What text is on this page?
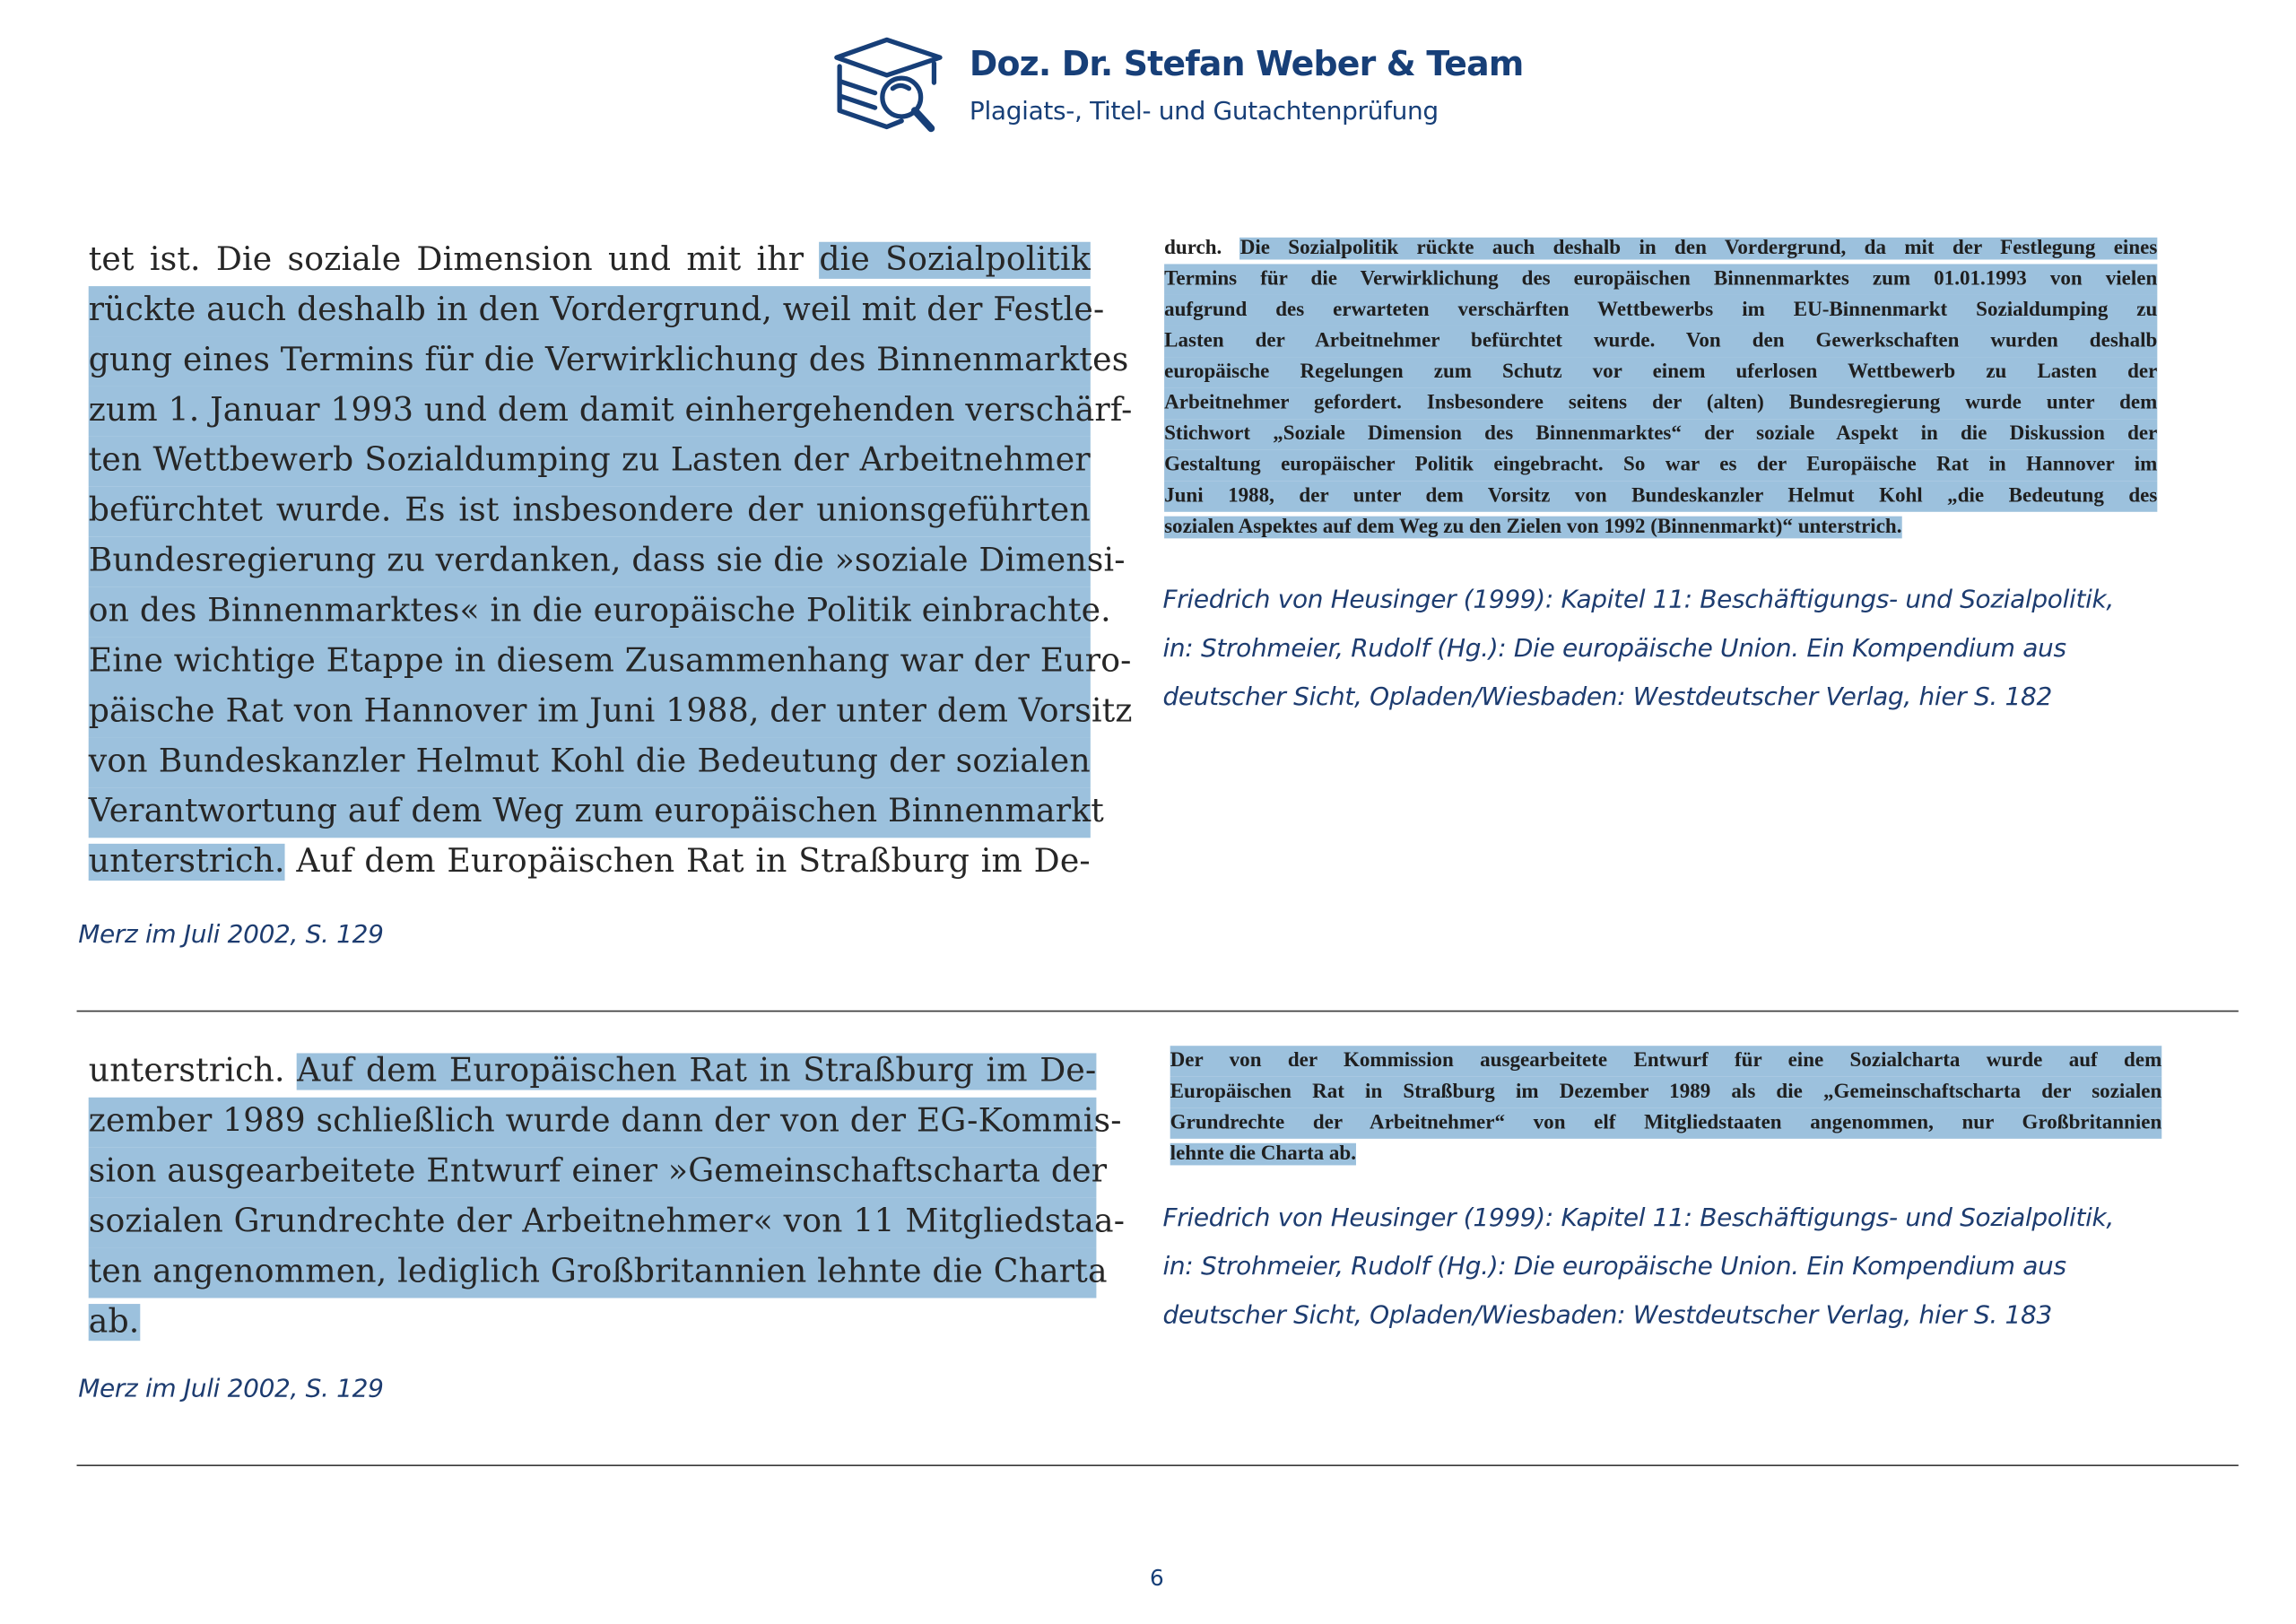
Doz. Dr. Stefan Weber & Team
Plagiats-, Titel- und Gutachtenprüfung
tet ist. Die soziale Dimension und mit ihr die Sozialpolitik
rückte auch deshalb in den Vordergrund, weil mit der Festle-
gung eines Termins für die Verwirklichung des Binnenmarktes
zum 1. Januar 1993 und dem damit einhergehenden verschärf-
ten Wettbewerb Sozialdumping zu Lasten der Arbeitnehmer
befürchtet wurde. Es ist insbesondere der unionsgeführten
Bundesregierung zu verdanken, dass sie die »soziale Dimensi-
on des Binnenmarktes« in die europäische Politik einbrachte.
Eine wichtige Etappe in diesem Zusammenhang war der Euro-
päische Rat von Hannover im Juni 1988, der unter dem Vorsitz
von Bundeskanzler Helmut Kohl die Bedeutung der sozialen
Verantwortung auf dem Weg zum europäischen Binnenmarkt
unterstrich. Auf dem Europäischen Rat in Straßburg im De-
Merz im Juli 2002, S. 129
durch. Die Sozialpolitik rückte auch deshalb in den Vordergrund, da mit der Festlegung eines
Termins für die Verwirklichung des europäischen Binnenmarktes zum 01.01.1993 von vielen
aufgrund des erwarteten verschärften Wettbewerbs im EU-Binnenmarkt Sozialdumping zu
Lasten der Arbeitnehmer befürchtet wurde. Von den Gewerkschaften wurden deshalb
europäische Regelungen zum Schutz vor einem uferlosen Wettbewerb zu Lasten der
Arbeitnehmer gefordert. Insbesondere seitens der (alten) Bundesregierung wurde unter dem
Stichwort „Soziale Dimension des Binnenmarktes“ der soziale Aspekt in die Diskussion der
Gestaltung europäischer Politik eingebracht. So war es der Europäische Rat in Hannover im
Juni 1988, der unter dem Vorsitz von Bundeskanzler Helmut Kohl „die Bedeutung des
sozialen Aspektes auf dem Weg zu den Zielen von 1992 (Binnenmarkt)“ unterstrich.
Friedrich von Heusinger (1999): Kapitel 11: Beschäftigungs- und Sozialpolitik,
in: Strohmeier, Rudolf (Hg.): Die europäische Union. Ein Kompendium aus
deutscher Sicht, Opladen/Wiesbaden: Westdeutscher Verlag, hier S. 182
unterstrich. Auf dem Europäischen Rat in Straßburg im De-
zember 1989 schließlich wurde dann der von der EG-Kommis-
sion ausgearbeitete Entwurf einer »Gemeinschaftscharta der
sozialen Grundrechte der Arbeitnehmer« von 11 Mitgliedstaa-
ten angenommen, lediglich Großbritannien lehnte die Charta
ab.
Merz im Juli 2002, S. 129
Der von der Kommission ausgearbeitete Entwurf für eine Sozialcharta wurde auf dem
Europäischen Rat in Straßburg im Dezember 1989 als die „Gemeinschaftscharta der sozialen
Grundrechte der Arbeitnehmer“ von elf Mitgliedstaaten angenommen, nur Großbritannien
lehnte die Charta ab.
Friedrich von Heusinger (1999): Kapitel 11: Beschäftigungs- und Sozialpolitik,
in: Strohmeier, Rudolf (Hg.): Die europäische Union. Ein Kompendium aus
deutscher Sicht, Opladen/Wiesbaden: Westdeutscher Verlag, hier S. 183
6
